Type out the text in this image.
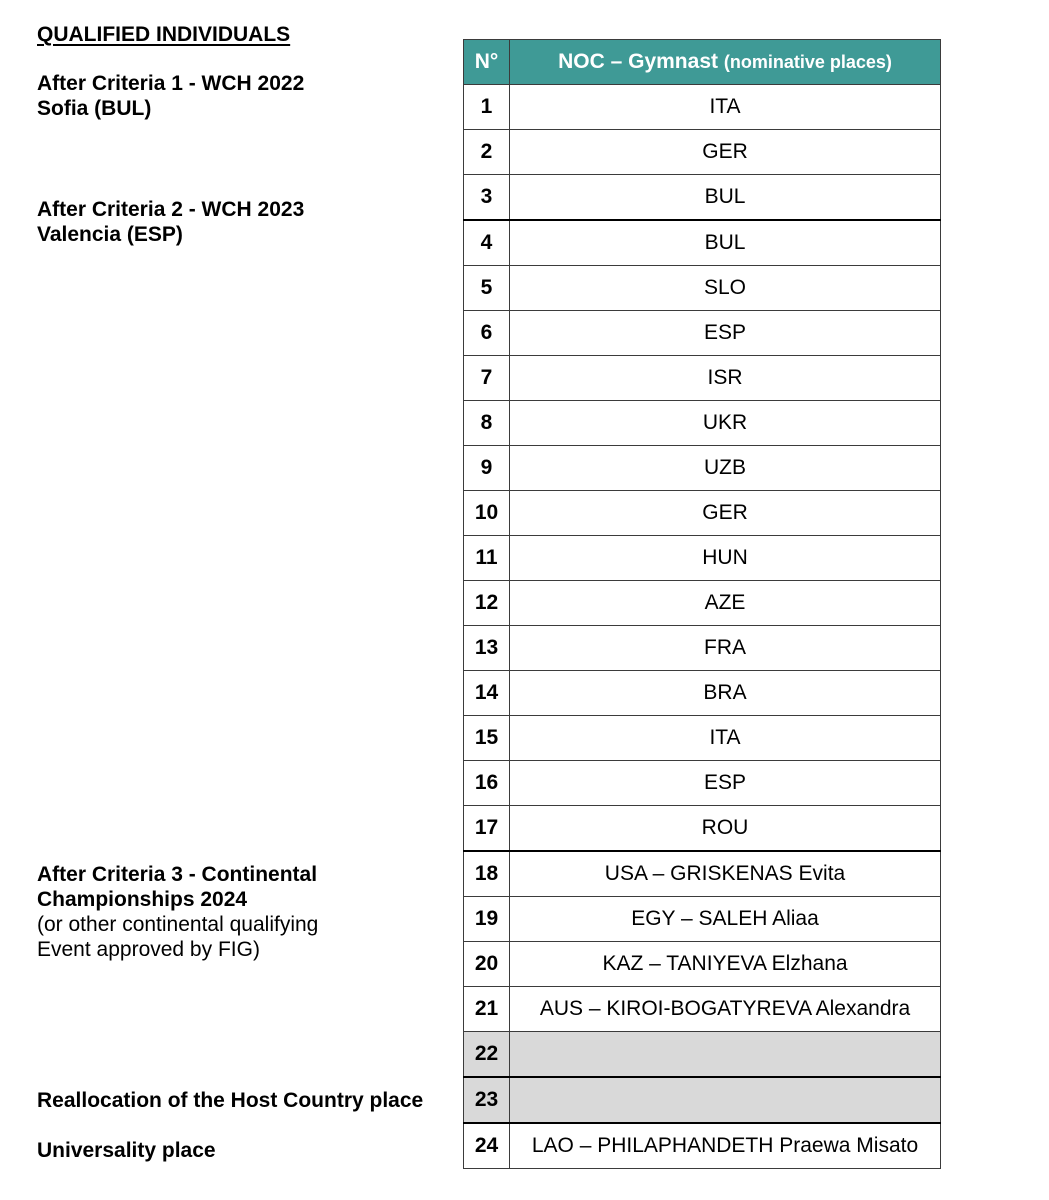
QUALIFIED INDIVIDUALS
After Criteria 1 - WCH 2022
Sofia (BUL)
After Criteria 2 - WCH 2023
Valencia (ESP)
After Criteria 3 - Continental
Championships 2024
(or other continental qualifying
Event approved by FIG)
Reallocation of the Host Country place
Universality place
N°	NOC – Gymnast (nominative places)
1	ITA
2	GER
3	BUL
4	BUL
5	SLO
6	ESP
7	ISR
8	UKR
9	UZB
10	GER
11	HUN
12	AZE
13	FRA
14	BRA
15	ITA
16	ESP
17	ROU
18	USA – GRISKENAS Evita
19	EGY – SALEH Aliaa
20	KAZ – TANIYEVA Elzhana
21	AUS – KIROI-BOGATYREVA Alexandra
22	
23	
24	LAO – PHILAPHANDETH Praewa Misato
